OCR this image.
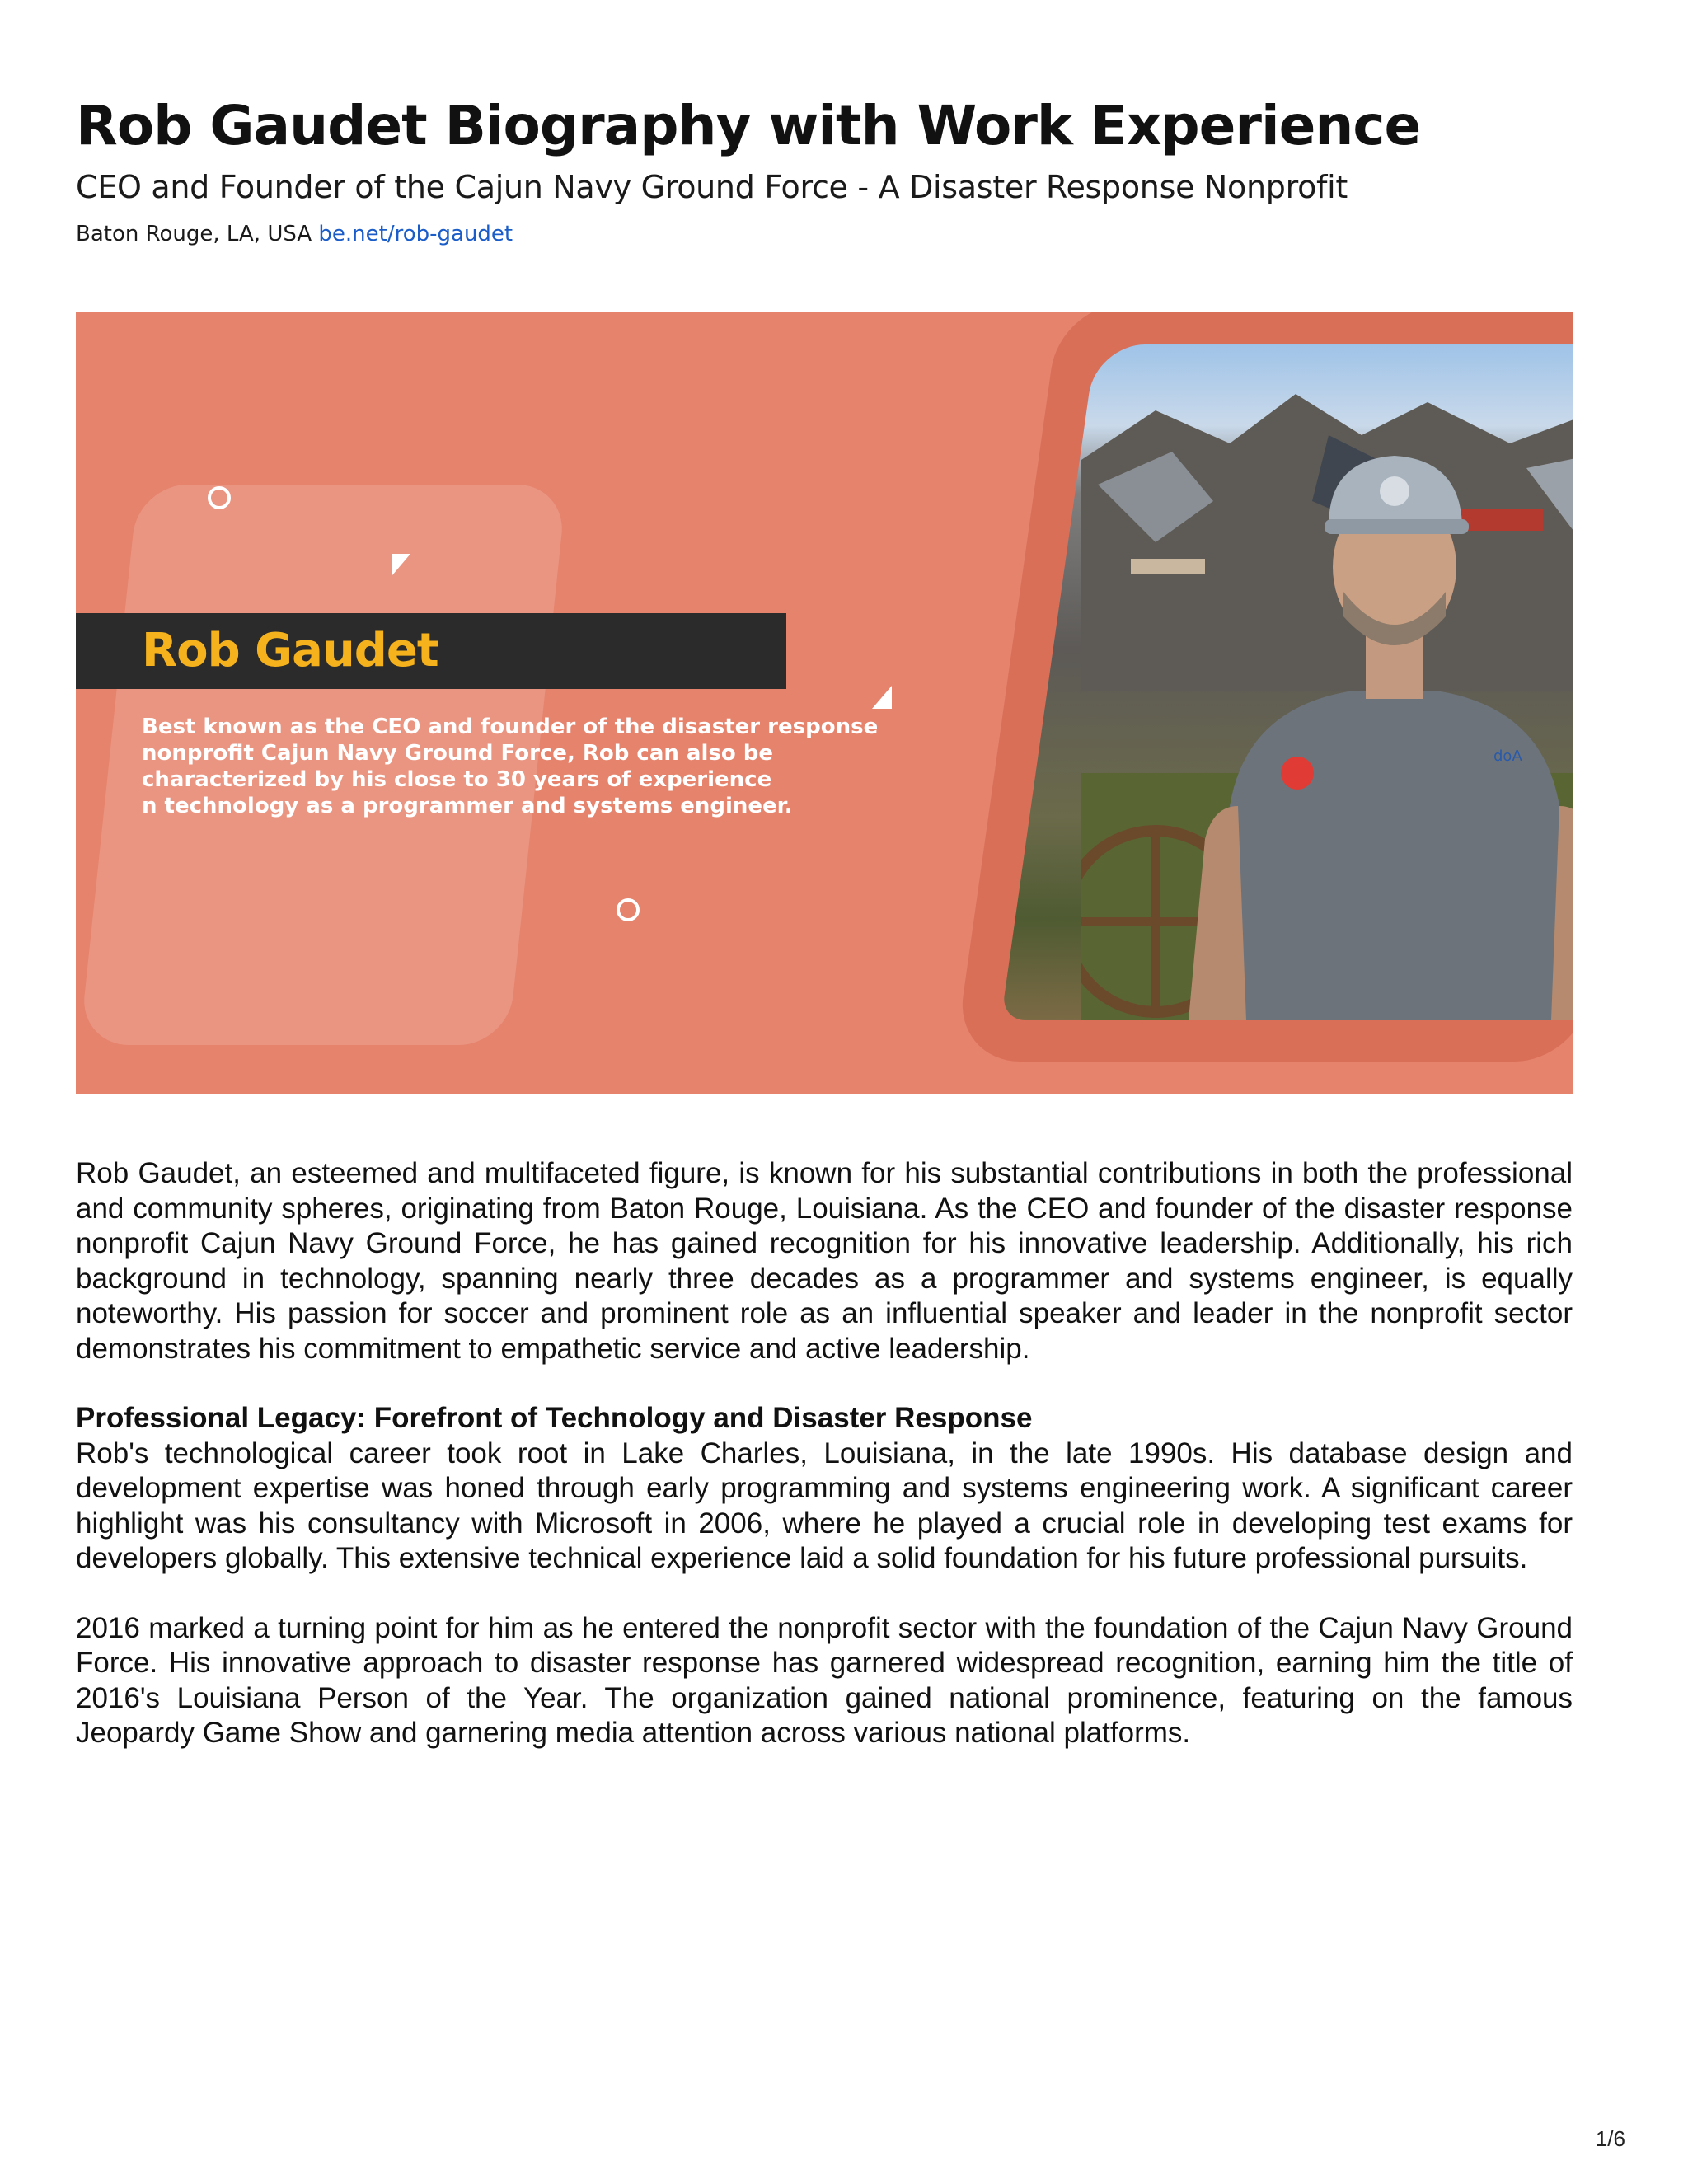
Rob Gaudet Biography with Work Experience
CEO and Founder of the Cajun Navy Ground Force - A Disaster Response Nonprofit
Baton Rouge, LA, USA be.net/rob-gaudet
doA
Rob Gaudet
Best known as the CEO and founder of the disaster response
nonprofit Cajun Navy Ground Force, Rob can also be
characterized by his close to 30 years of experience
n technology as a programmer and systems engineer.

Rob Gaudet, an esteemed and multifaceted figure, is known for his substantial contributions in both the professional and community spheres, originating from Baton Rouge, Louisiana. As the CEO and founder of the disaster response nonprofit Cajun Navy Ground Force, he has gained recognition for his innovative leadership. Additionally, his rich background in technology, spanning nearly three decades as a programmer and systems engineer, is equally noteworthy. His passion for soccer and prominent role as an influential speaker and leader in the nonprofit sector demonstrates his commitment to empathetic service and active leadership.

Professional Legacy: Forefront of Technology and Disaster Response

Rob's technological career took root in Lake Charles, Louisiana, in the late 1990s. His database design and development expertise was honed through early programming and systems engineering work. A significant career highlight was his consultancy with Microsoft in 2006, where he played a crucial role in developing test exams for developers globally. This extensive technical experience laid a solid foundation for his future professional pursuits.

2016 marked a turning point for him as he entered the nonprofit sector with the foundation of the Cajun Navy Ground Force. His innovative approach to disaster response has garnered widespread recognition, earning him the title of 2016's Louisiana Person of the Year. The organization gained national prominence, featuring on the famous Jeopardy Game Show and garnering media attention across various national platforms.

1/6
